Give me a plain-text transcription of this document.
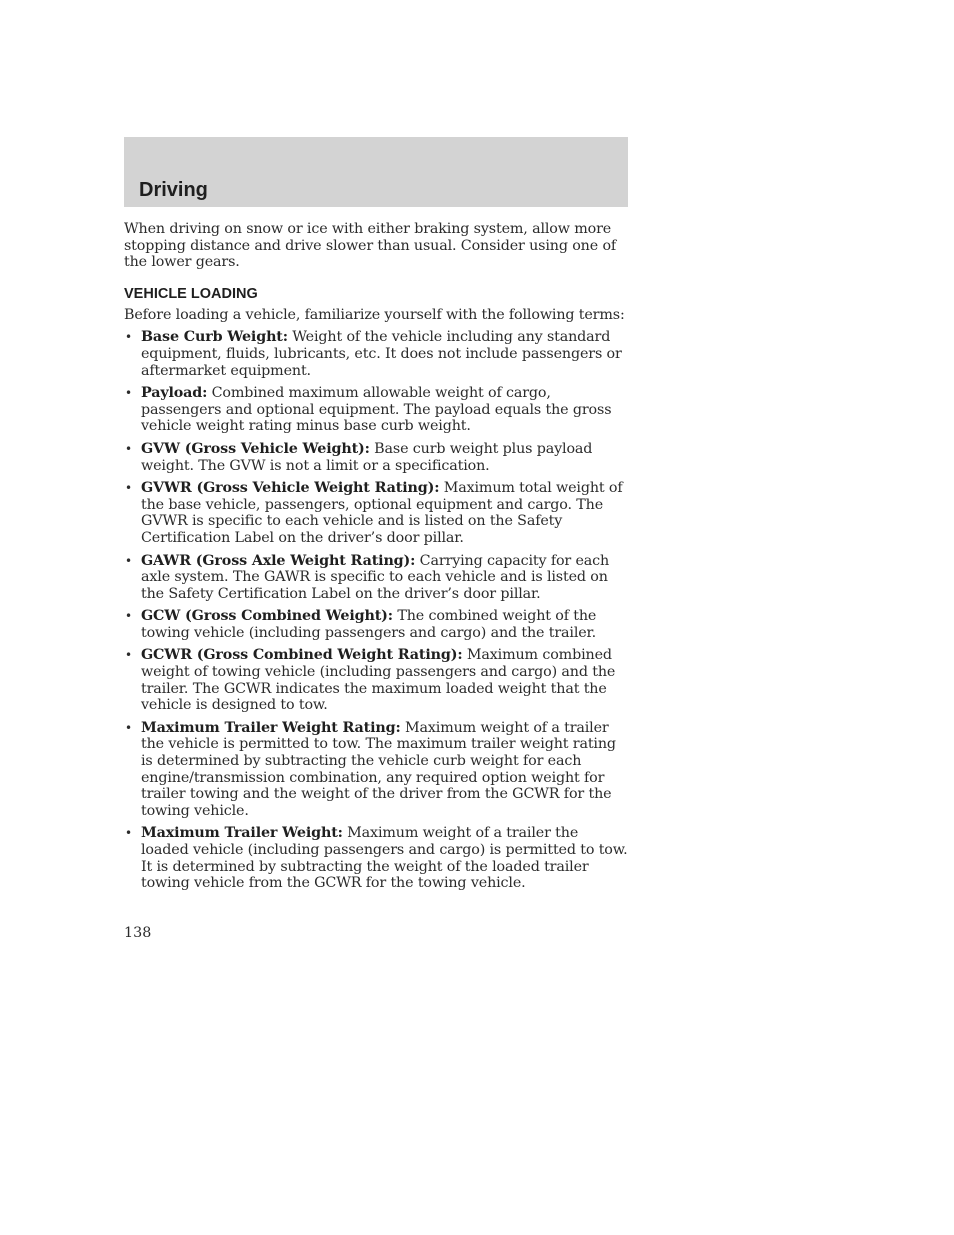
Driving

When driving on snow or ice with either braking system, allow more stopping distance and drive slower than usual. Consider using one of the lower gears.

VEHICLE LOADING

Before loading a vehicle, familiarize yourself with the following terms:

• Base Curb Weight: Weight of the vehicle including any standard equipment, fluids, lubricants, etc. It does not include passengers or aftermarket equipment.
• Payload: Combined maximum allowable weight of cargo, passengers and optional equipment. The payload equals the gross vehicle weight rating minus base curb weight.
• GVW (Gross Vehicle Weight): Base curb weight plus payload weight. The GVW is not a limit or a specification.
• GVWR (Gross Vehicle Weight Rating): Maximum total weight of the base vehicle, passengers, optional equipment and cargo. The GVWR is specific to each vehicle and is listed on the Safety Certification Label on the driver’s door pillar.
• GAWR (Gross Axle Weight Rating): Carrying capacity for each axle system. The GAWR is specific to each vehicle and is listed on the Safety Certification Label on the driver’s door pillar.
• GCW (Gross Combined Weight): The combined weight of the towing vehicle (including passengers and cargo) and the trailer.
• GCWR (Gross Combined Weight Rating): Maximum combined weight of towing vehicle (including passengers and cargo) and the trailer. The GCWR indicates the maximum loaded weight that the vehicle is designed to tow.
• Maximum Trailer Weight Rating: Maximum weight of a trailer the vehicle is permitted to tow. The maximum trailer weight rating is determined by subtracting the vehicle curb weight for each engine/transmission combination, any required option weight for trailer towing and the weight of the driver from the GCWR for the towing vehicle.
• Maximum Trailer Weight: Maximum weight of a trailer the loaded vehicle (including passengers and cargo) is permitted to tow. It is determined by subtracting the weight of the loaded trailer towing vehicle from the GCWR for the towing vehicle.
138
